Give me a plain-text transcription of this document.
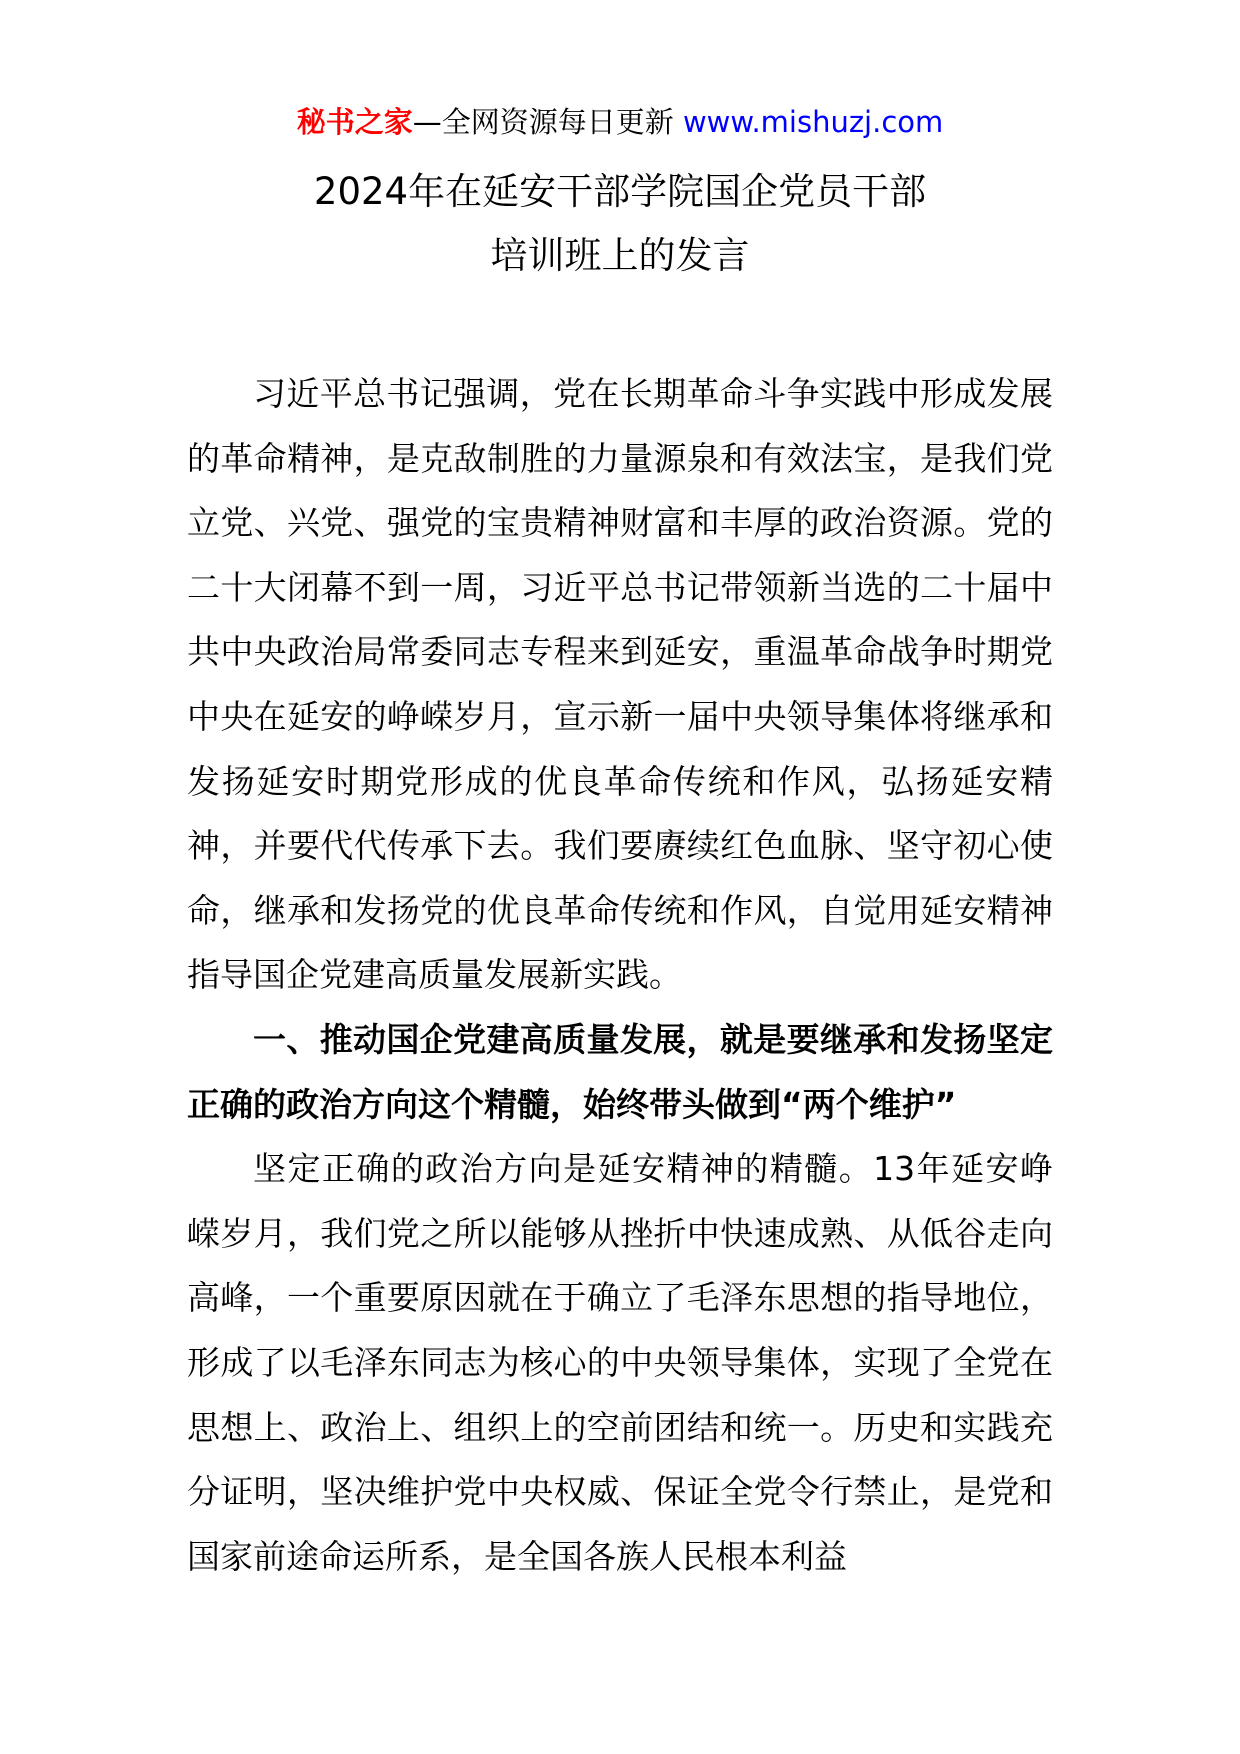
秘书之家—全网资源每日更新 www.mishuzj.com
2024年在延安干部学院国企党员干部
培训班上的发言

习近平总书记强调，党在长期革命斗争实践中形成发展的革命精神，是克敌制胜的力量源泉和有效法宝，是我们党立党、兴党、强党的宝贵精神财富和丰厚的政治资源。党的二十大闭幕不到一周，习近平总书记带领新当选的二十届中共中央政治局常委同志专程来到延安，重温革命战争时期党中央在延安的峥嵘岁月，宣示新一届中央领导集体将继承和发扬延安时期党形成的优良革命传统和作风，弘扬延安精神，并要代代传承下去。我们要赓续红色血脉、坚守初心使命，继承和发扬党的优良革命传统和作风，自觉用延安精神指导国企党建高质量发展新实践。

一、推动国企党建高质量发展，就是要继承和发扬坚定正确的政治方向这个精髓，始终带头做到“两个维护”

坚定正确的政治方向是延安精神的精髓。13年延安峥嵘岁月，我们党之所以能够从挫折中快速成熟、从低谷走向高峰，一个重要原因就在于确立了毛泽东思想的指导地位，形成了以毛泽东同志为核心的中央领导集体，实现了全党在思想上、政治上、组织上的空前团结和统一。历史和实践充分证明，坚决维护党中央权威、保证全党令行禁止，是党和国家前途命运所系，是全国各族人民根本利益
